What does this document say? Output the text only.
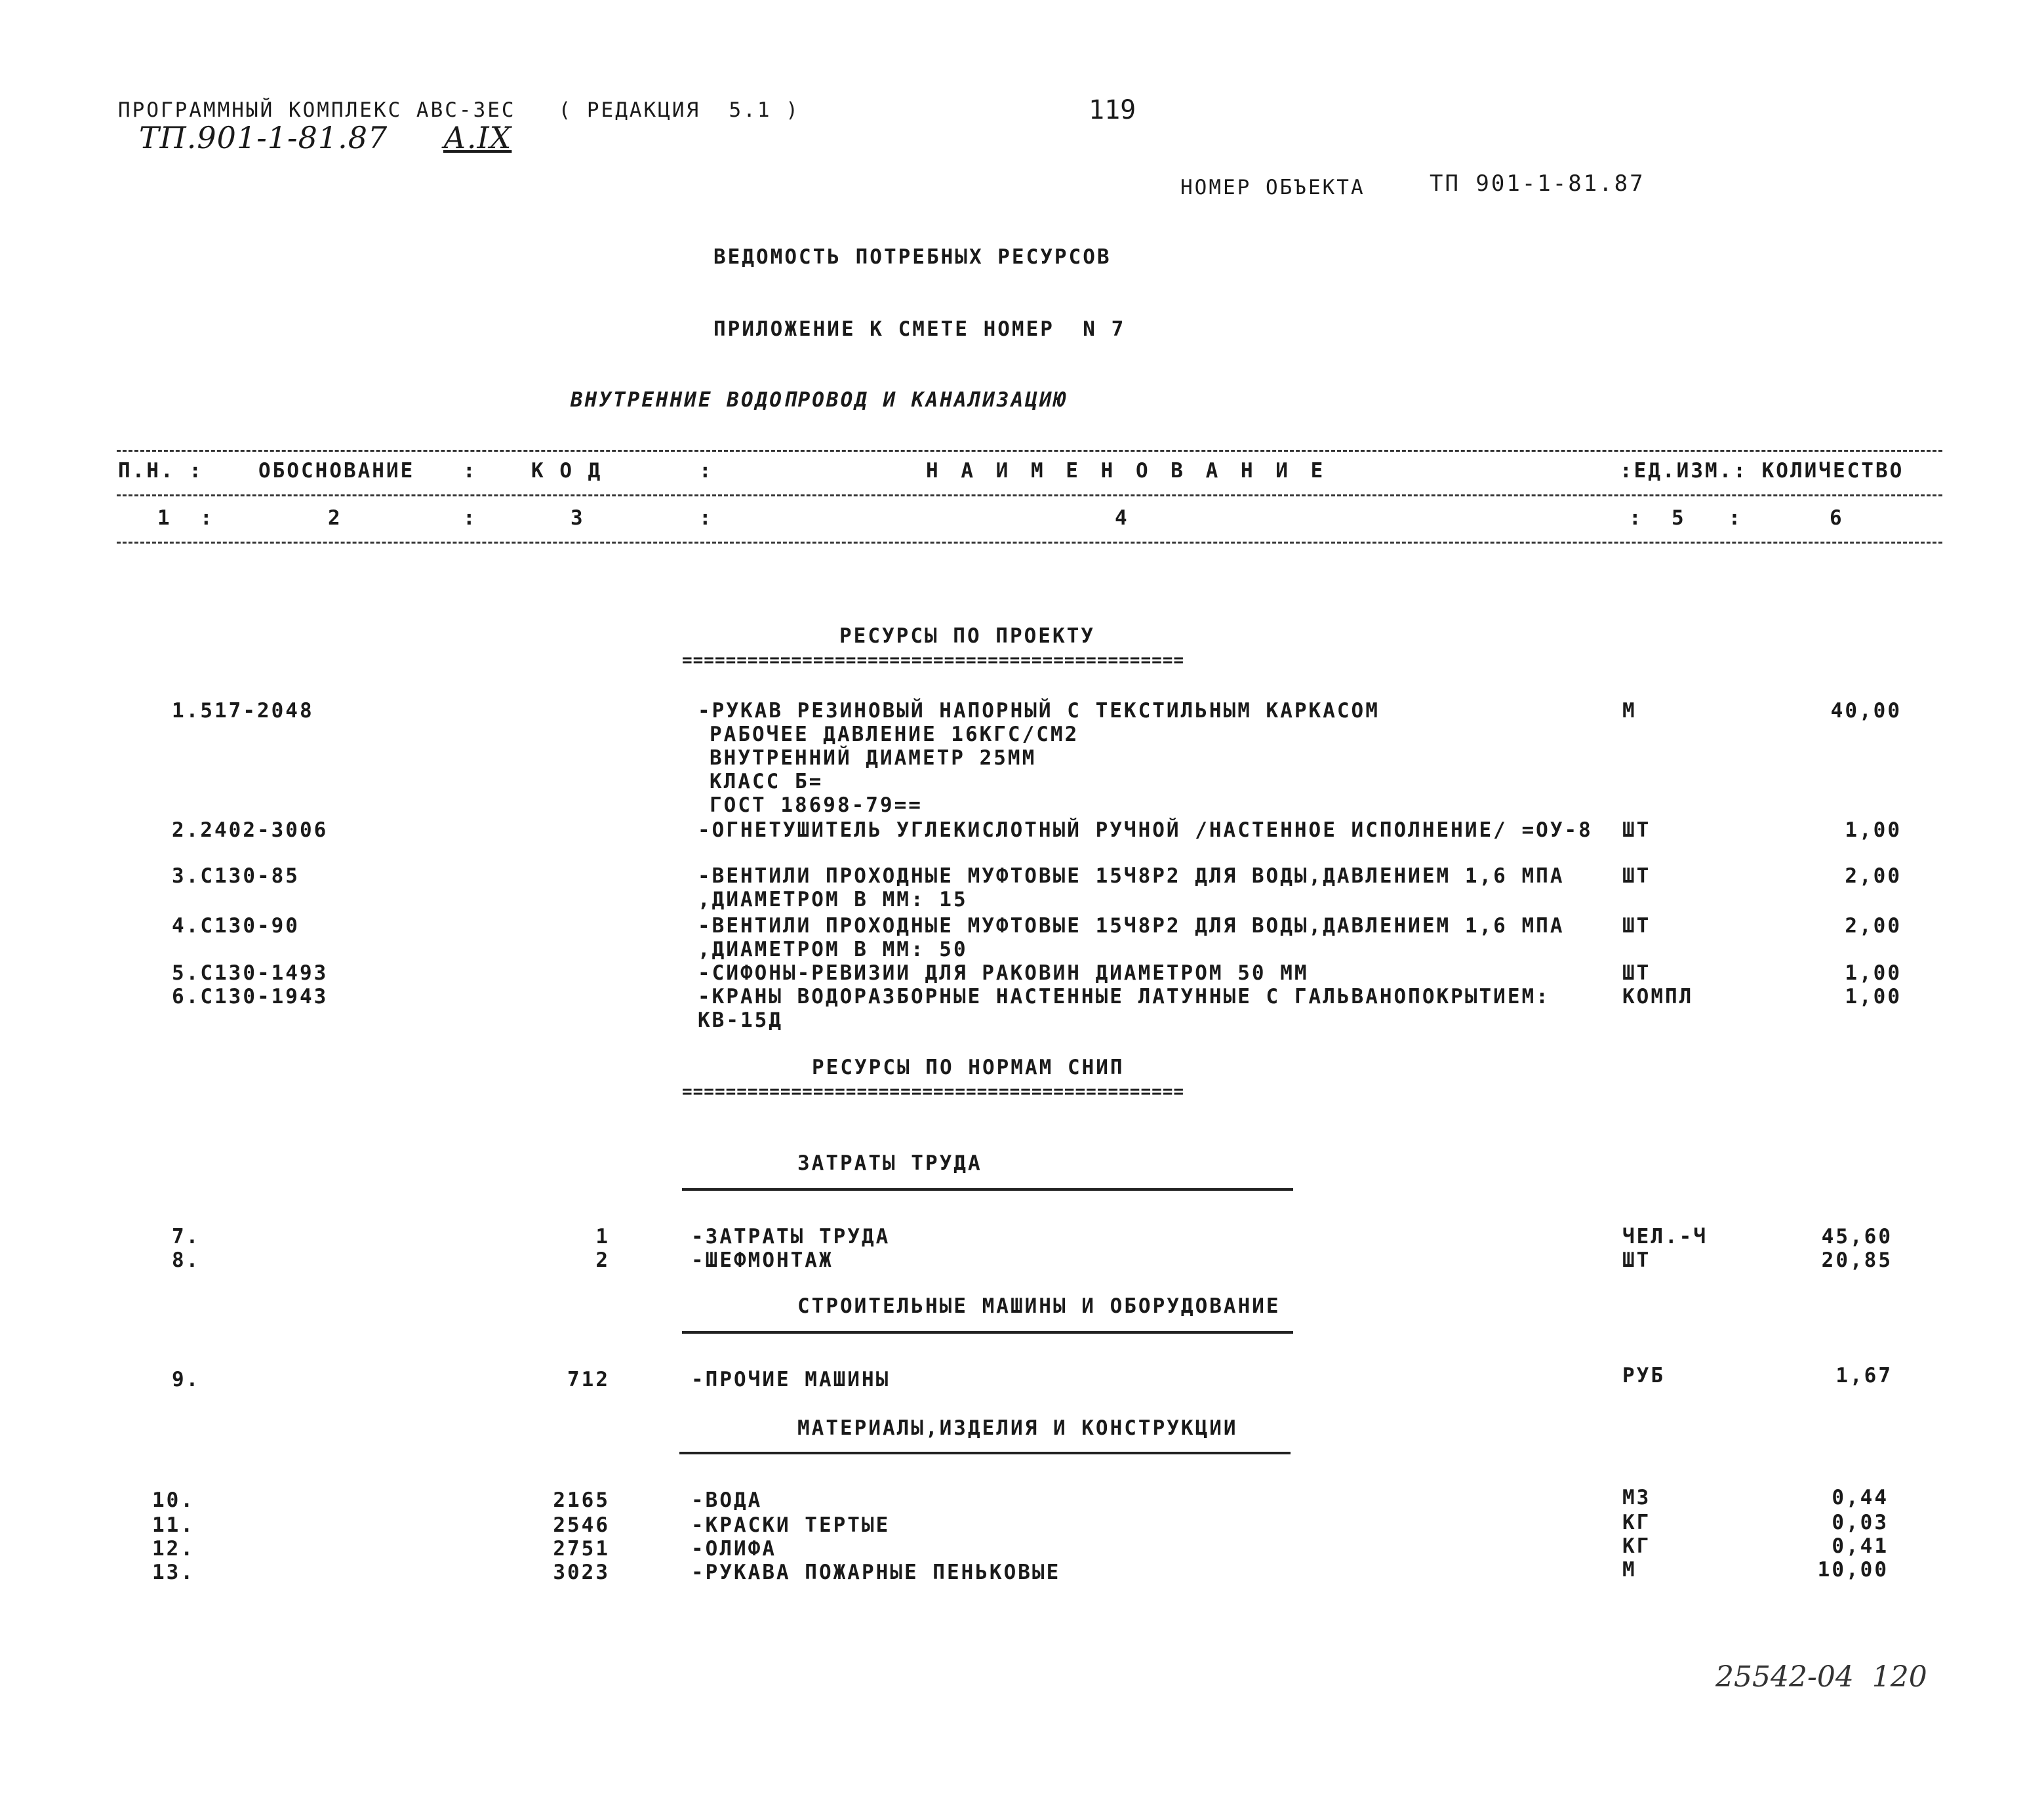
ПРОГРАММНЫЙ КОМПЛЕКС АВС-3ЕС   ( РЕДАКЦИЯ  5.1 )
ТП.901-1-81.87 А.IX
119
НОМЕР ОБЪЕКТА	ТП 901-1-81.87
ВЕДОМОСТЬ ПОТРЕБНЫХ РЕСУРСОВ
ПРИЛОЖЕНИЕ К СМЕТЕ НОМЕР  N 7
ВНУТРЕННИЕ ВОДОПРОВОД И КАНАЛИЗАЦИЮ
П.Н. :	ОБОСНОВАНИЕ :	К О Д	:	Н А И М Е Н О В А Н И Е	:ЕД.ИЗМ.: КОЛИЧЕСТВО
1  :	2	:	3	:	4	:  5   :	6
РЕСУРСЫ ПО ПРОЕКТУ
==============================================
1.517-2048	-РУКАВ РЕЗИНОВЫЙ НАПОРНЫЙ С ТЕКСТИЛЬНЫМ КАРКАСОМ
РАБОЧЕЕ ДАВЛЕНИЕ 16КГС/СМ2
ВНУТРЕННИЙ ДИАМЕТР 25ММ
КЛАСС Б=
ГОСТ 18698-79==
М	40,00
2.2402-3006	-ОГНЕТУШИТЕЛЬ УГЛЕКИСЛОТНЫЙ РУЧНОЙ /НАСТЕННОЕ ИСПОЛНЕНИЕ/ =ОУ-8 ШТ	1,00
3.С130-85	-ВЕНТИЛИ ПРОХОДНЫЕ МУФТОВЫЕ 15Ч8Р2 ДЛЯ ВОДЫ,ДАВЛЕНИЕМ 1,6 МПА
,ДИАМЕТРОМ В ММ: 15
ШТ	2,00
4.С130-90	-ВЕНТИЛИ ПРОХОДНЫЕ МУФТОВЫЕ 15Ч8Р2 ДЛЯ ВОДЫ,ДАВЛЕНИЕМ 1,6 МПА
,ДИАМЕТРОМ В ММ: 50
ШТ	2,00
5.С130-1493	-СИФОНЫ-РЕВИЗИИ ДЛЯ РАКОВИН ДИАМЕТРОМ 50 ММ	ШТ	1,00
6.С130-1943	-КРАНЫ ВОДОРАЗБОРНЫЕ НАСТЕННЫЕ ЛАТУННЫЕ С ГАЛЬВАНОПОКРЫТИЕМ:
КВ-15Д
КОМПЛ	1,00
РЕСУРСЫ ПО НОРМАМ СНИП
==============================================
ЗАТРАТЫ ТРУДА
7.	1	-ЗАТРАТЫ ТРУДА	ЧЕЛ.-Ч	45,60
8.	2	-ШЕФМОНТАЖ	ШТ	20,85
СТРОИТЕЛЬНЫЕ МАШИНЫ И ОБОРУДОВАНИЕ
9.	712	-ПРОЧИЕ МАШИНЫ	РУБ	1,67
МАТЕРИАЛЫ,ИЗДЕЛИЯ И КОНСТРУКЦИИ
10.	2165	-ВОДА	М3	0,44
11.	2546	-КРАСКИ ТЕРТЫЕ	КГ	0,03
12.	2751	-ОЛИФА	КГ	0,41
13.	3023	-РУКАВА ПОЖАРНЫЕ ПЕНЬКОВЫЕ	М	10,00
25542-04  120
